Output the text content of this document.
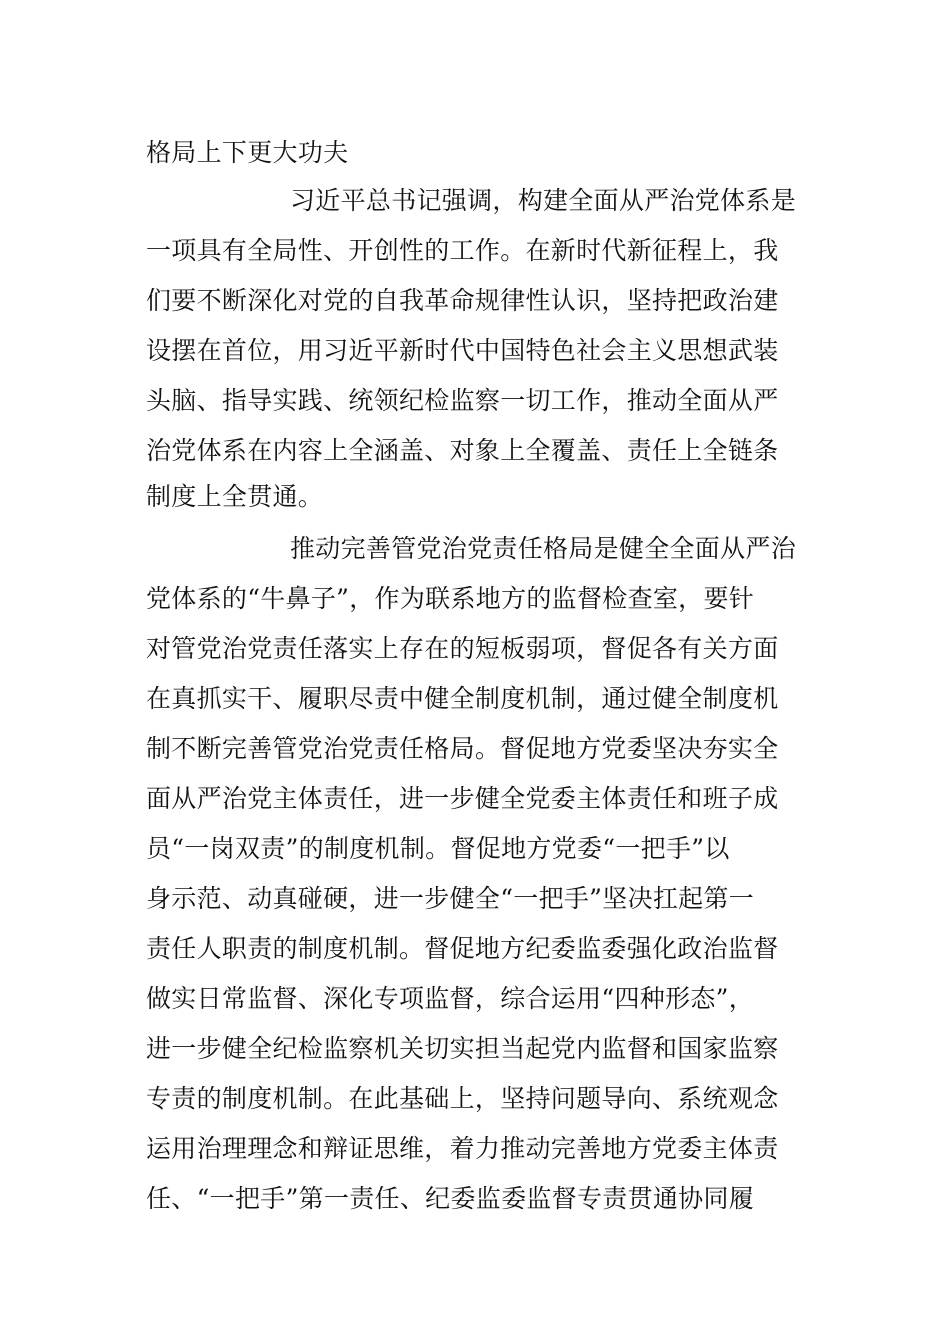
格局上下更大功夫
习近平总书记强调，构建全面从严治党体系是
一项具有全局性、开创性的工作。在新时代新征程上，我
们要不断深化对党的自我革命规律性认识，坚持把政治建
设摆在首位，用习近平新时代中国特色社会主义思想武装
头脑、指导实践、统领纪检监察一切工作，推动全面从严
治党体系在内容上全涵盖、对象上全覆盖、责任上全链条
制度上全贯通。
推动完善管党治党责任格局是健全全面从严治
党体系的“牛鼻子”，作为联系地方的监督检查室，要针
对管党治党责任落实上存在的短板弱项，督促各有关方面
在真抓实干、履职尽责中健全制度机制，通过健全制度机
制不断完善管党治党责任格局。督促地方党委坚决夯实全
面从严治党主体责任，进一步健全党委主体责任和班子成
员“一岗双责”的制度机制。督促地方党委“一把手”以
身示范、动真碰硬，进一步健全“一把手”坚决扛起第一
责任人职责的制度机制。督促地方纪委监委强化政治监督
做实日常监督、深化专项监督，综合运用“四种形态”，
进一步健全纪检监察机关切实担当起党内监督和国家监察
专责的制度机制。在此基础上，坚持问题导向、系统观念
运用治理理念和辩证思维，着力推动完善地方党委主体责
任、“一把手”第一责任、纪委监委监督专责贯通协同履
